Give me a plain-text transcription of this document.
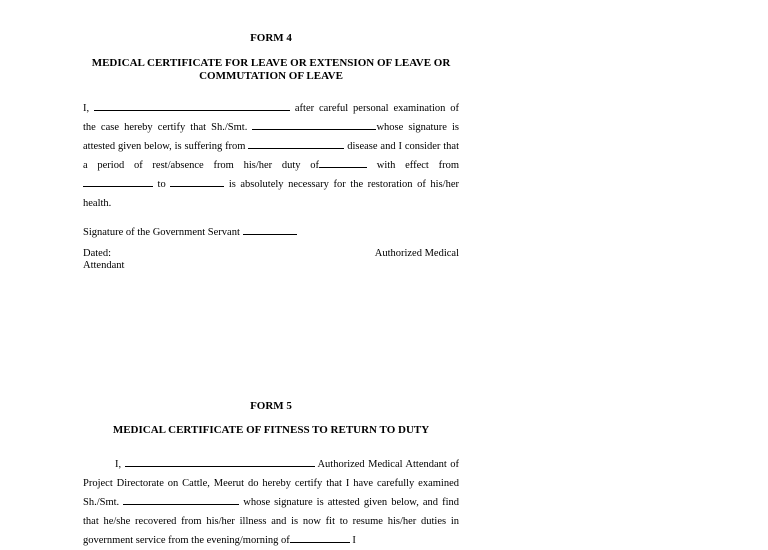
FORM 4
MEDICAL CERTIFICATE FOR LEAVE OR EXTENSION OF LEAVE OR
COMMUTATION OF LEAVE
I,	after careful personal examination of the case hereby certify that Sh./Smt.	whose signature is attested given below, is suffering from	disease and I consider that a period of rest/absence from his/her duty of	with effect from  to	is absolutely necessary for the restoration of his/her health.
Signature of the Government Servant
Dated:	Authorized Medical
Attendant
FORM 5
MEDICAL CERTIFICATE OF FITNESS TO RETURN TO DUTY
I,	Authorized Medical Attendant of Project Directorate on Cattle, Meerut do hereby certify that I have carefully examined Sh./Smt.	whose signature is attested given below, and find that he/she recovered from his/her illness and is now fit to resume his/her duties in government service from the evening/morning of	I
